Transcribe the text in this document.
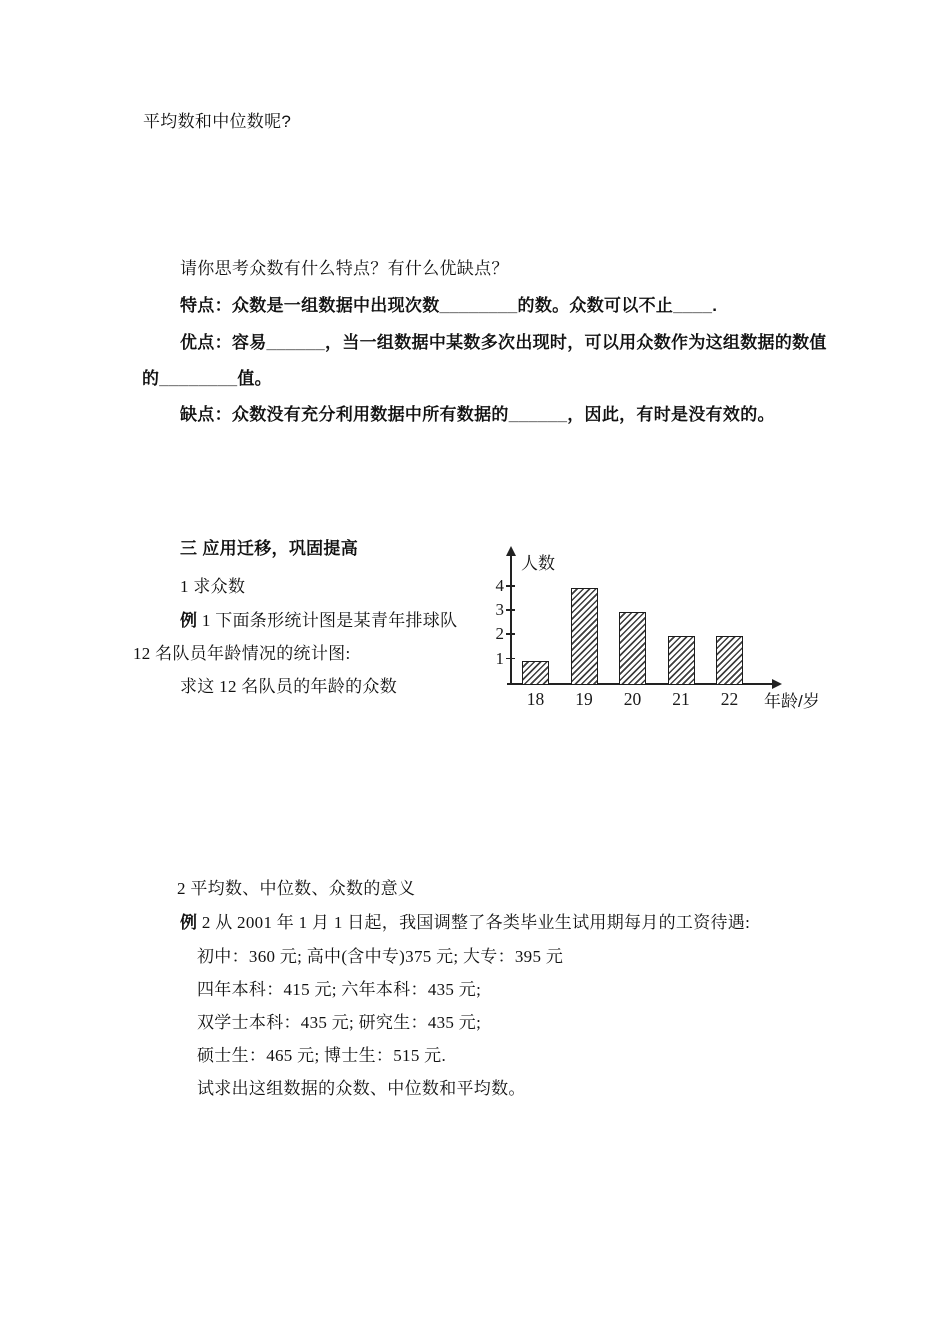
平均数和中位数呢?
请你思考众数有什么特点？有什么优缺点？
特点：众数是一组数据中出现次数________的数。众数可以不止____.
优点：容易______，当一组数据中某数多次出现时，可以用众数作为这组数据的数值
的________值。
缺点：众数没有充分利用数据中所有数据的______，因此，有时是没有效的。
三 应用迁移，巩固提高
1 求众数
例 1 下面条形统计图是某青年排球队
12 名队员年龄情况的统计图:
求这 12 名队员的年龄的众数
人数
年龄/岁
18	19	20	21	22
1
2
3
4
2 平均数、中位数、众数的意义
例 2 从 2001 年 1 月 1 日起，我国调整了各类毕业生试用期每月的工资待遇:
初中：360 元; 高中(含中专)375 元; 大专：395 元
四年本科：415 元; 六年本科：435 元;
双学士本科：435 元; 研究生：435 元;
硕士生：465 元; 博士生：515 元.
试求出这组数据的众数、中位数和平均数。
